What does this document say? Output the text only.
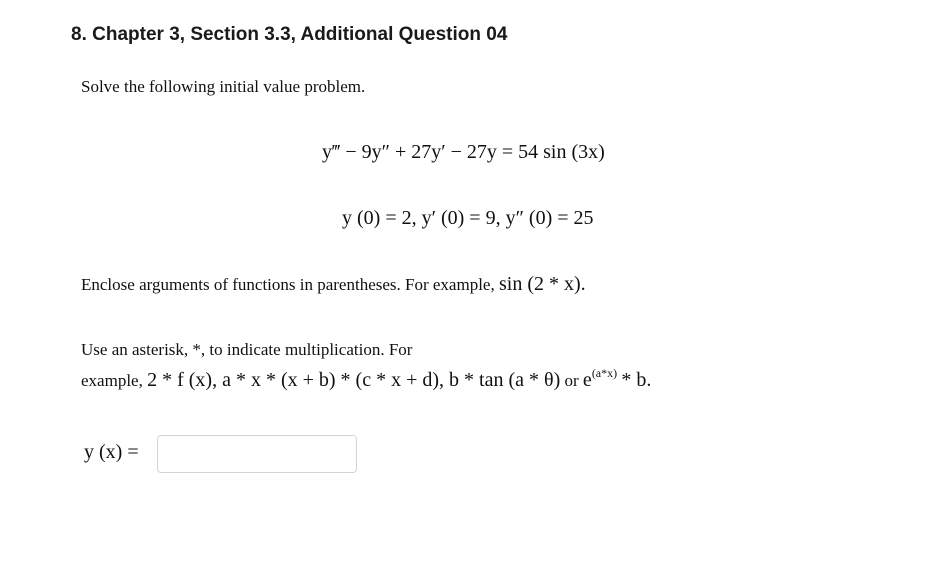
8. Chapter 3, Section 3.3, Additional Question 04
Solve the following initial value problem.
y‴ − 9y″ + 27y′ − 27y = 54 sin (3x)
y (0) = 2, y′ (0) = 9, y″ (0) = 25
Enclose arguments of functions in parentheses. For example, sin (2 * x).
Use an asterisk, *, to indicate multiplication. For
example, 2 * f (x), a * x * (x + b) * (c * x + d), b * tan (a * θ) or $e^{(a*x)}$ * b.
y (x) =
